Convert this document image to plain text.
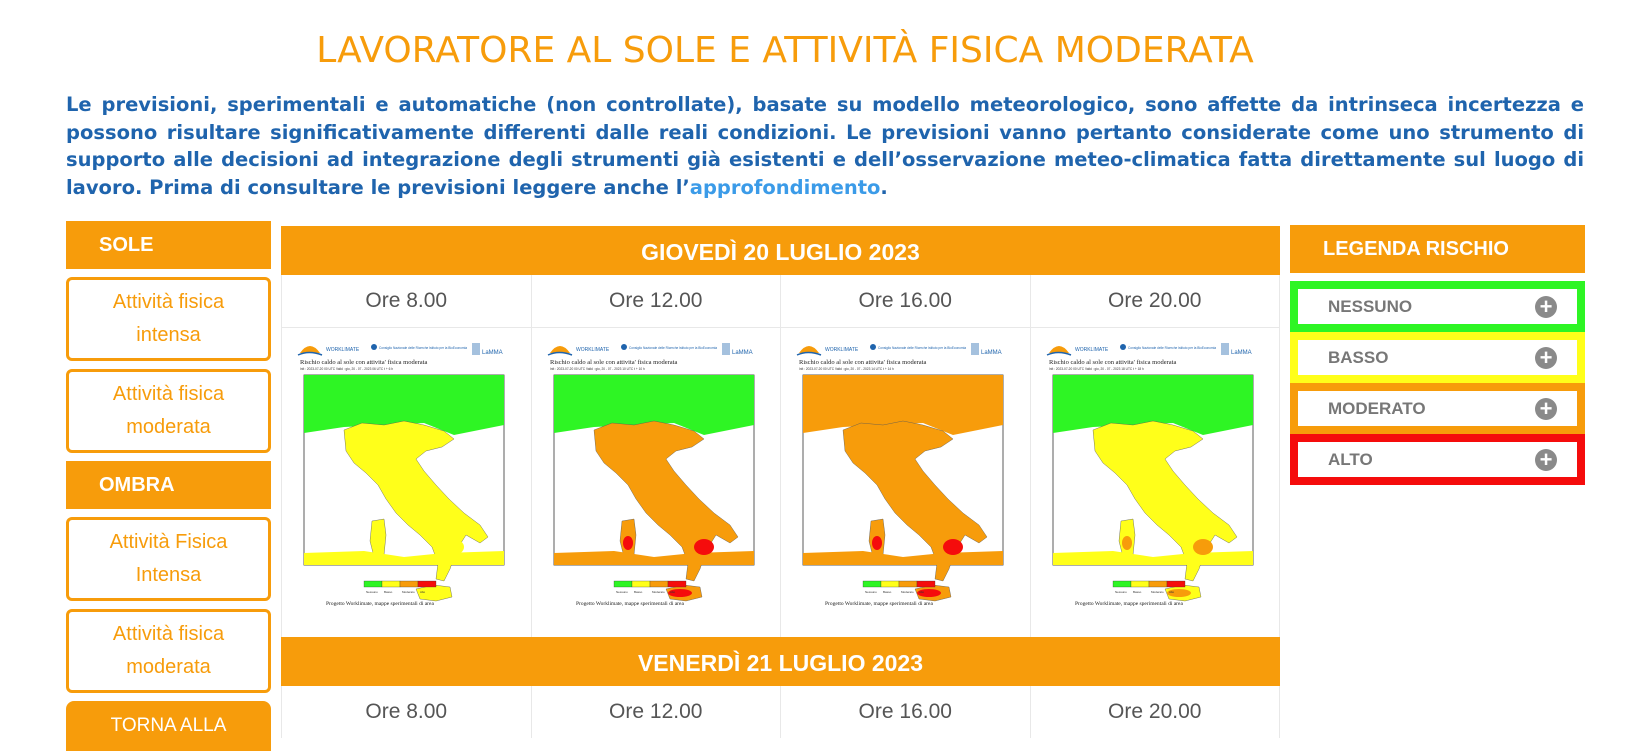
LAVORATORE AL SOLE E ATTIVITÀ FISICA MODERATA

Le previsioni, sperimentali e automatiche (non controllate), basate su modello meteorologico, sono affette da intrinseca incertezza e possono risultare significativamente differenti dalle reali condizioni. Le previsioni vanno pertanto considerate come uno strumento di supporto alle decisioni ad integrazione degli strumenti già esistenti e dell’osservazione meteo-climatica fatta direttamente sul luogo di lavoro. Prima di consultare le previsioni leggere anche l’approfondimento.

SOLE
Attività fisica intensa
Attività fisica moderata
OMBRA
Attività Fisica Intensa
Attività fisica moderata
TORNA ALLA
GIOVEDÌ 20 LUGLIO 2023
Ore 8.00	Ore 12.00	Ore 16.00	Ore 20.00
WORKLIMATE	Consiglio Nazionale delle Ricerche Istituto per la BioEconomia
LaMMA
Rischio caldo al sole con attivita' fisica moderata
Init : 2023-07-20 00 UTC Valid : gio, 20 - 07 - 2023 06 UTC t + 6 h
Nessuno Basso	Moderato Alto
Progetto Worklimate, mappe sperimentali di area
WORKLIMATE	Consiglio Nazionale delle Ricerche Istituto per la BioEconomia
LaMMA
Rischio caldo al sole con attivita' fisica moderata
Init : 2023-07-20 00 UTC Valid : gio, 20 - 07 - 2023 10 UTC t + 10 h
Nessuno Basso	Moderato Alto
Progetto Worklimate, mappe sperimentali di area
WORKLIMATE	Consiglio Nazionale delle Ricerche Istituto per la BioEconomia
LaMMA
Rischio caldo al sole con attivita' fisica moderata
Init : 2023-07-20 00 UTC Valid : gio, 20 - 07 - 2023 14 UTC t + 14 h
Nessuno Basso	Moderato Alto
Progetto Worklimate, mappe sperimentali di area
WORKLIMATE	Consiglio Nazionale delle Ricerche Istituto per la BioEconomia
LaMMA
Rischio caldo al sole con attivita' fisica moderata
Init : 2023-07-20 00 UTC Valid : gio, 20 - 07 - 2023 18 UTC t + 18 h
Nessuno Basso	Moderato Alto
Progetto Worklimate, mappe sperimentali di area
VENERDÌ 21 LUGLIO 2023
Ore 8.00	Ore 12.00	Ore 16.00	Ore 20.00
LEGENDA RISCHIO
NESSUNO	+
BASSO	+
MODERATO	+
ALTO	+
